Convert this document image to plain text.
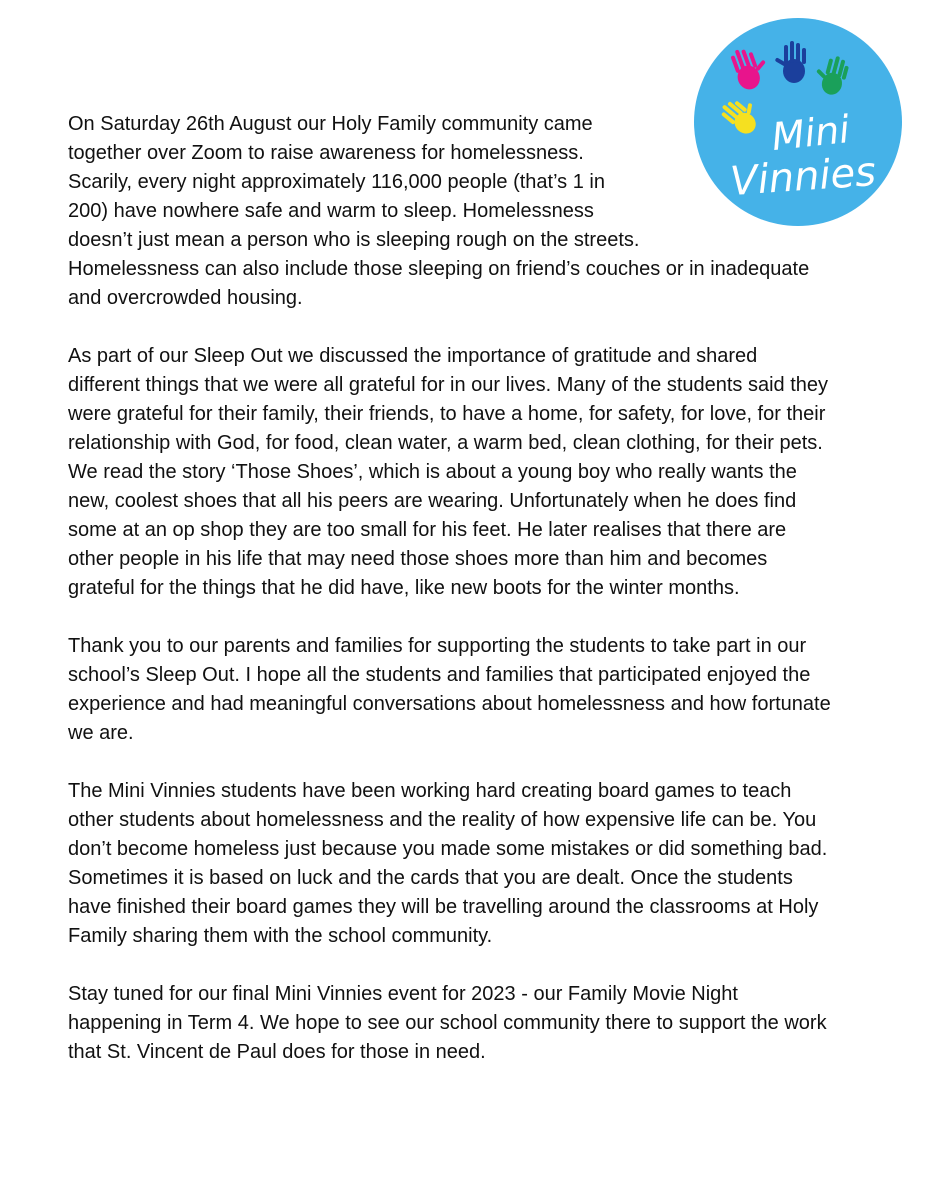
Mini
Vinnies

On Saturday 26th August our Holy Family community came
together over Zoom to raise awareness for homelessness.
Scarily, every night approximately 116,000 people (that’s 1 in
200) have nowhere safe and warm to sleep. Homelessness
doesn’t just mean a person who is sleeping rough on the streets.
Homelessness can also include those sleeping on friend’s couches or in inadequate
and overcrowded housing.

As part of our Sleep Out we discussed the importance of gratitude and shared
different things that we were all grateful for in our lives. Many of the students said they
were grateful for their family, their friends, to have a home, for safety, for love, for their
relationship with God, for food, clean water, a warm bed, clean clothing, for their pets.
We read the story ‘Those Shoes’, which is about a young boy who really wants the
new, coolest shoes that all his peers are wearing. Unfortunately when he does find
some at an op shop they are too small for his feet. He later realises that there are
other people in his life that may need those shoes more than him and becomes
grateful for the things that he did have, like new boots for the winter months.

Thank you to our parents and families for supporting the students to take part in our
school’s Sleep Out. I hope all the students and families that participated enjoyed the
experience and had meaningful conversations about homelessness and how fortunate
we are.

The Mini Vinnies students have been working hard creating board games to teach
other students about homelessness and the reality of how expensive life can be. You
don’t become homeless just because you made some mistakes or did something bad.
Sometimes it is based on luck and the cards that you are dealt. Once the students
have finished their board games they will be travelling around the classrooms at Holy
Family sharing them with the school community.

Stay tuned for our final Mini Vinnies event for 2023 - our Family Movie Night
happening in Term 4. We hope to see our school community there to support the work
that St. Vincent de Paul does for those in need.
